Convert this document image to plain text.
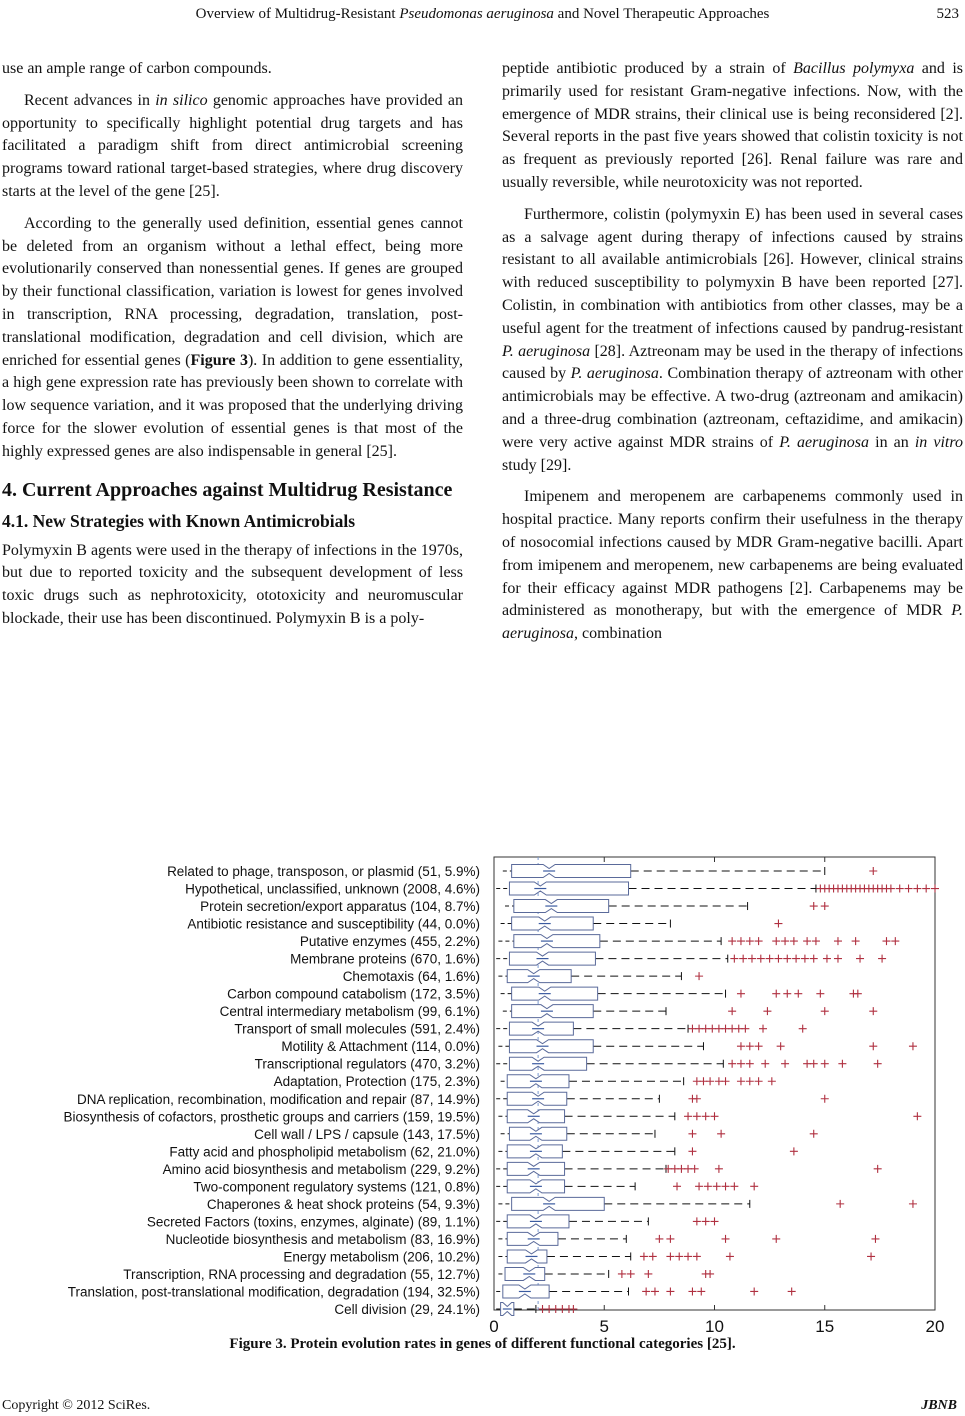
Overview of Multidrug-Resistant Pseudomonas aeruginosa and Novel Therapeutic Approaches	523

use an ample range of carbon compounds.

Recent advances in in silico genomic approaches have provided an opportunity to specifically highlight potential drug targets and has facilitated a paradigm shift from direct antimicrobial screening programs toward rational target-based strategies, where drug discovery starts at the level of the gene [25].

According to the generally used definition, essential genes cannot be deleted from an organism without a lethal effect, being more evolutionarily conserved than nonessential genes. If genes are grouped by their functional classification, variation is lowest for genes involved in transcription, RNA processing, degradation, translation, post-translational modification, degradation and cell division, which are enriched for essential genes (Figure 3). In addition to gene essentiality, a high gene expression rate has previously been shown to correlate with low sequence variation, and it was proposed that the underlying driving force for the slower evolution of essential genes is that most of the highly expressed genes are also indispensable in general [25].

4. Current Approaches against Multidrug Resistance
4.1. New Strategies with Known Antimicrobials

Polymyxin B agents were used in the therapy of infections in the 1970s, but due to reported toxicity and the subsequent development of less toxic drugs such as nephrotoxicity, ototoxicity and neuromuscular blockade, their use has been discontinued. Polymyxin B is a poly-

peptide antibiotic produced by a strain of Bacillus polymyxa and is primarily used for resistant Gram-negative infections. Now, with the emergence of MDR strains, their clinical use is being reconsidered [2]. Several reports in the past five years showed that colistin toxicity is not as frequent as previously reported [26]. Renal failure was rare and usually reversible, while neurotoxicity was not reported.

Furthermore, colistin (polymyxin E) has been used in several cases as a salvage agent during therapy of infections caused by strains resistant to all available antimicrobials [26]. However, clinical strains with reduced susceptibility to polymyxin B have been reported [27]. Colistin, in combination with antibiotics from other classes, may be a useful agent for the treatment of infections caused by pandrug-resistant P. aeruginosa [28]. Aztreonam may be used in the therapy of infections caused by P. aeruginosa. Combination therapy of aztreonam with other antimicrobials may be effective. A two-drug (aztreonam and amikacin) and a three-drug combination (aztreonam, ceftazidime, and amikacin) were very active against MDR strains of P. aeruginosa in an in vitro study [29].

Imipenem and meropenem are carbapenems commonly used in hospital practice. Many reports confirm their usefulness in the therapy of nosocomial infections caused by MDR Gram-negative bacilli. Apart from imipenem and meropenem, new carbapenems are being evaluated for their efficacy against MDR pathogens [2]. Carbapenems may be administered as monotherapy, but with the emergence of MDR P. aeruginosa, combination

0	5	10	15	20
Related to phage, transposon, or plasmid (51, 5.9%)
Hypothetical, unclassified, unknown (2008, 4.6%)
Protein secretion/export apparatus (104, 8.7%)
Antibiotic resistance and susceptibility (44, 0.0%)
Putative enzymes (455, 2.2%)
Membrane proteins (670, 1.6%)
Chemotaxis (64, 1.6%)
Carbon compound catabolism (172, 3.5%)
Central intermediary metabolism (99, 6.1%)
Transport of small molecules (591, 2.4%)
Motility & Attachment (114, 0.0%)
Transcriptional regulators (470, 3.2%)
Adaptation, Protection (175, 2.3%)
DNA replication, recombination, modification and repair (87, 14.9%)
Biosynthesis of cofactors, prosthetic groups and carriers (159, 19.5%)
Cell wall / LPS / capsule (143, 17.5%)
Fatty acid and phospholipid metabolism (62, 21.0%)
Amino acid biosynthesis and metabolism (229, 9.2%)
Two-component regulatory systems (121, 0.8%)
Chaperones & heat shock proteins (54, 9.3%)
Secreted Factors (toxins, enzymes, alginate) (89, 1.1%)
Nucleotide biosynthesis and metabolism (83, 16.9%)
Energy metabolism (206, 10.2%)
Transcription, RNA processing and degradation (55, 12.7%)
Translation, post-translational modification, degradation (194, 32.5%)
Cell division (29, 24.1%)
Figure 3. Protein evolution rates in genes of different functional categories [25].
Copyright © 2012 SciRes.	JBNB
